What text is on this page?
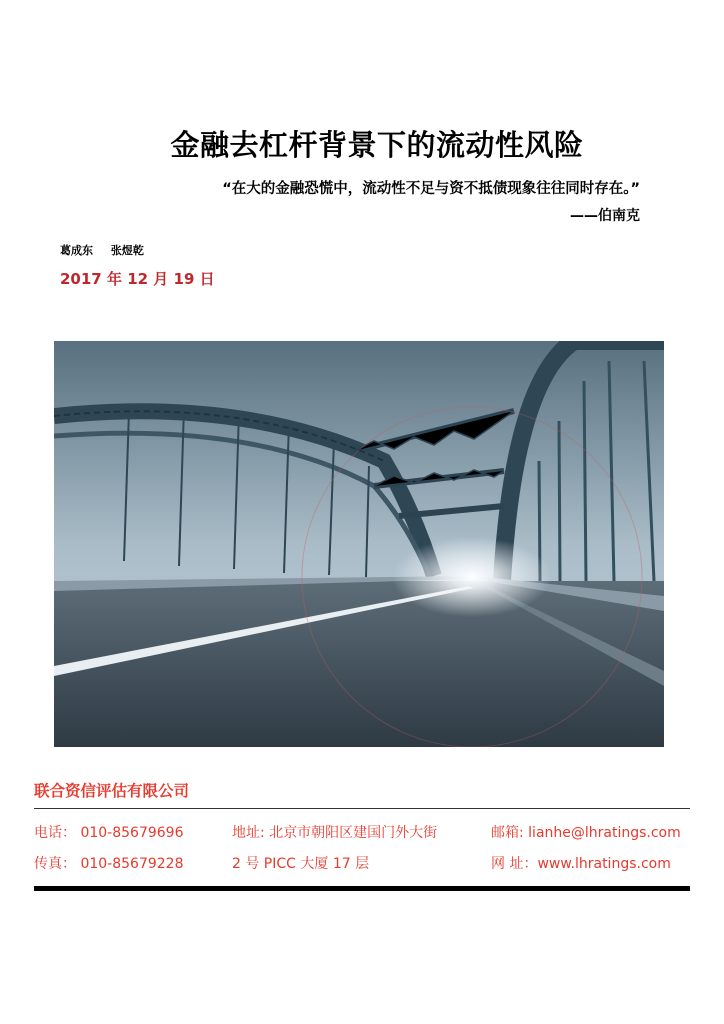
金融去杠杆背景下的流动性风险
“在大的金融恐慌中，流动性不足与资不抵债现象往往同时存在。”
——伯南克
葛成东 张煜乾
2017 年 12 月 19 日
联合资信评估有限公司
电话： 010-85679696
传真： 010-85679228
地址: 北京市朝阳区建国门外大街
2 号 PICC 大厦 17 层
邮箱: lianhe@lhratings.com
网 址：www.lhratings.com
